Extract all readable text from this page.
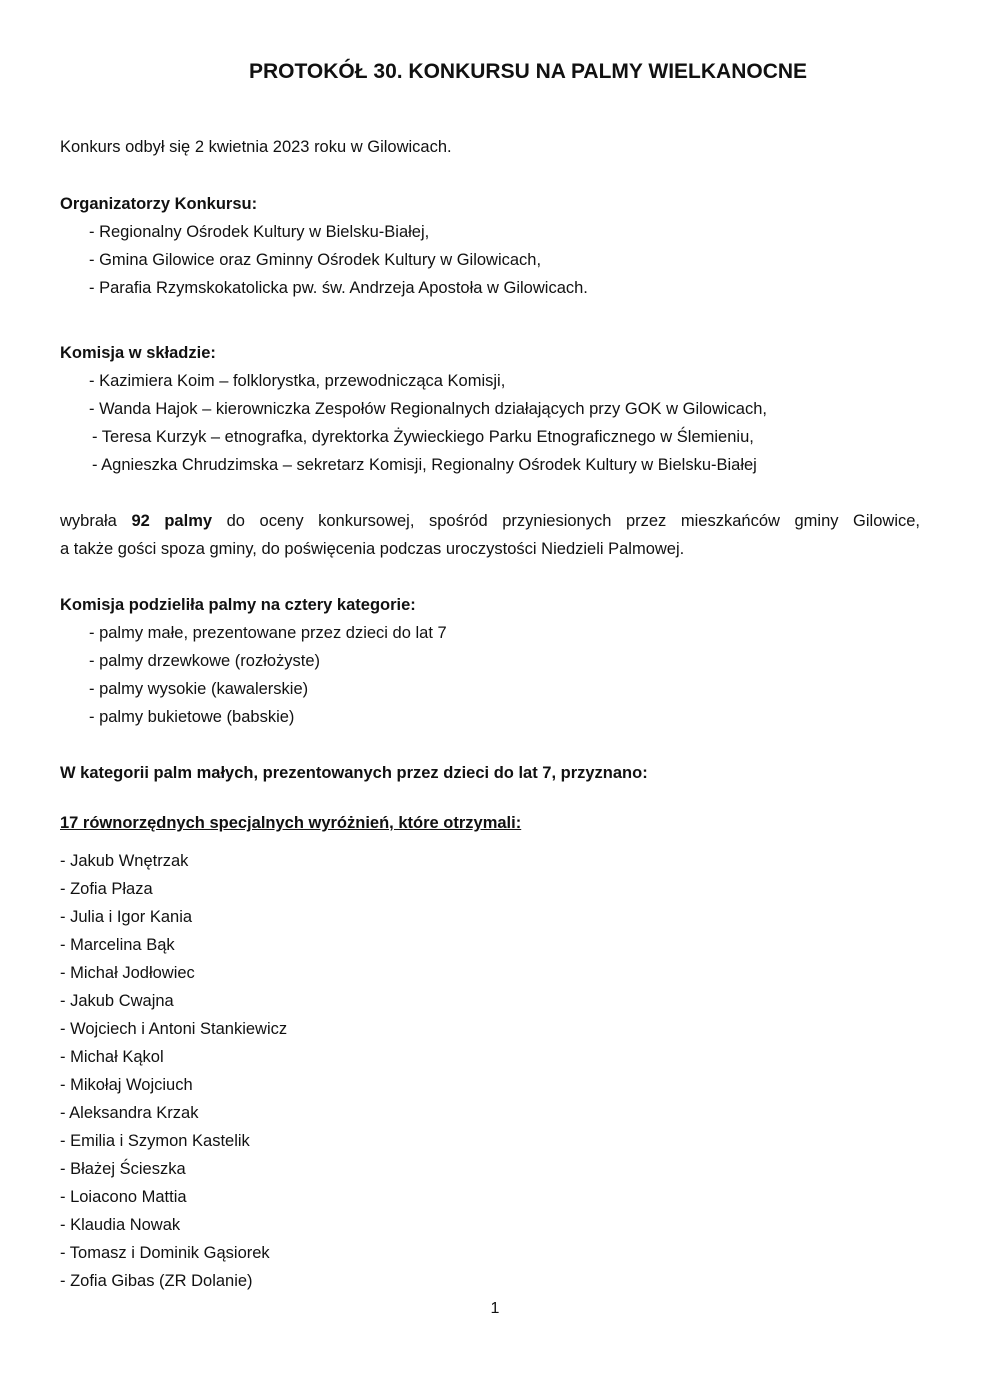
PROTOKÓŁ 30. KONKURSU NA PALMY WIELKANOCNE
Konkurs odbył się 2 kwietnia 2023 roku w Gilowicach.
Organizatorzy Konkursu:
- Regionalny Ośrodek Kultury w Bielsku-Białej,
- Gmina Gilowice oraz Gminny Ośrodek Kultury w Gilowicach,
- Parafia Rzymskokatolicka pw. św. Andrzeja Apostoła w Gilowicach.
Komisja w składzie:
- Kazimiera Koim – folklorystka, przewodnicząca Komisji,
- Wanda Hajok – kierowniczka Zespołów Regionalnych działających przy GOK w Gilowicach,
- Teresa Kurzyk – etnografka, dyrektorka Żywieckiego Parku Etnograficznego w Ślemieniu,
- Agnieszka Chrudzimska – sekretarz Komisji, Regionalny Ośrodek Kultury w Bielsku-Białej
wybrała 92 palmy do oceny konkursowej, spośród przyniesionych przez mieszkańców gminy Gilowice,
a także gości spoza gminy, do poświęcenia podczas uroczystości Niedzieli Palmowej.
Komisja podzieliła palmy na cztery kategorie:
- palmy małe, prezentowane przez dzieci do lat 7
- palmy drzewkowe (rozłożyste)
- palmy wysokie (kawalerskie)
- palmy bukietowe (babskie)
W kategorii palm małych, prezentowanych przez dzieci do lat 7, przyznano:
17 równorzędnych specjalnych wyróżnień, które otrzymali:
- Jakub Wnętrzak
- Zofia Płaza
- Julia i Igor Kania
- Marcelina Bąk
- Michał Jodłowiec
- Jakub Cwajna
- Wojciech i Antoni Stankiewicz
- Michał Kąkol
- Mikołaj Wojciuch
- Aleksandra Krzak
- Emilia i Szymon Kastelik
- Błażej Ścieszka
- Loiacono Mattia
- Klaudia Nowak
- Tomasz i Dominik Gąsiorek
- Zofia Gibas (ZR Dolanie)
1
